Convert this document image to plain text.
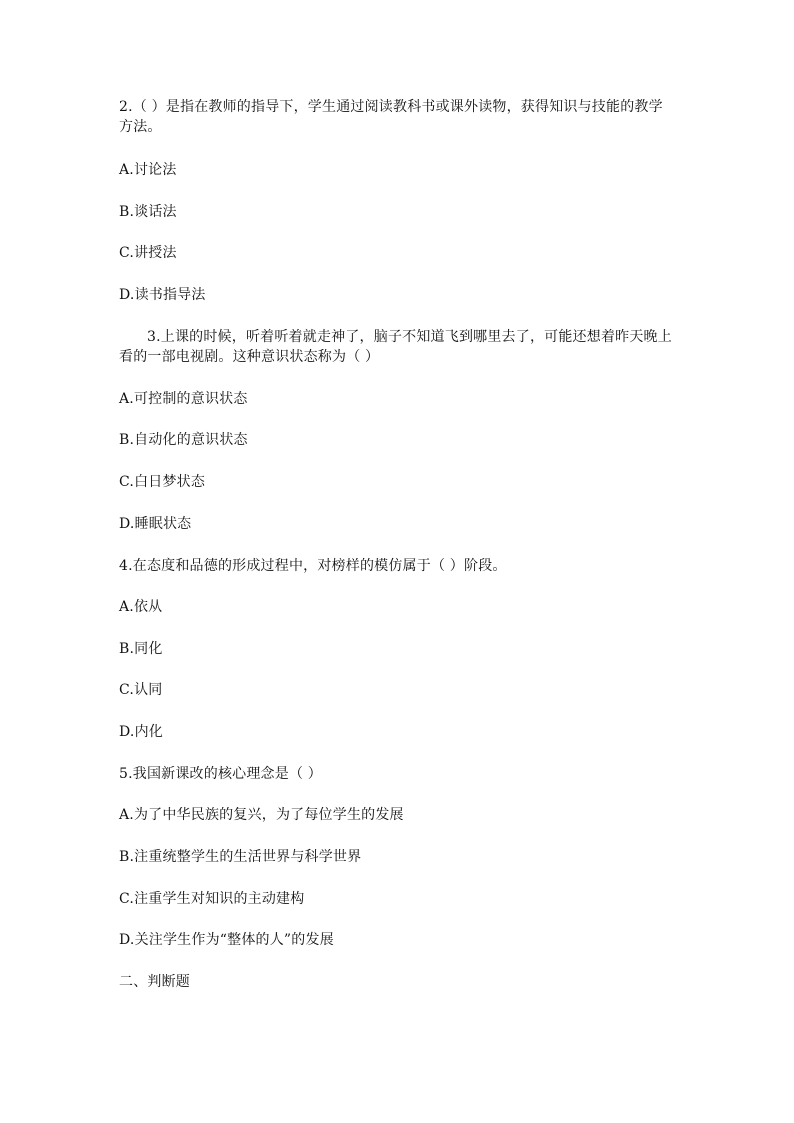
2.（ ）是指在教师的指导下，学生通过阅读教科书或课外读物，获得知识与技能的教学
方法。
A.讨论法
B.谈话法
C.讲授法
D.读书指导法
3.上课的时候，听着听着就走神了，脑子不知道飞到哪里去了，可能还想着昨天晚上
看的一部电视剧。这种意识状态称为（ ）
A.可控制的意识状态
B.自动化的意识状态
C.白日梦状态
D.睡眠状态
4.在态度和品德的形成过程中，对榜样的模仿属于（ ）阶段。
A.依从
B.同化
C.认同
D.内化
5.我国新课改的核心理念是（ ）
A.为了中华民族的复兴，为了每位学生的发展
B.注重统整学生的生活世界与科学世界
C.注重学生对知识的主动建构
D.关注学生作为“整体的人”的发展
二、判断题
